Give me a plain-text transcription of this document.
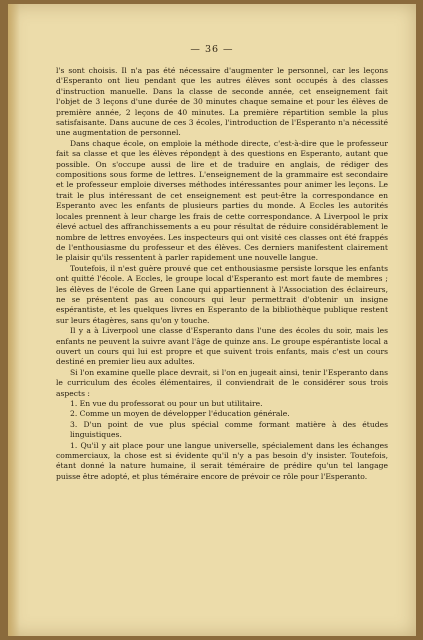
— 36 —

l's sont choisis. Il n'a pas été nécessaire d'augmenter le personnel, car les leçons d'Esperanto ont lieu pendant que les autres élèves sont occupés à des classes d'instruction manuelle. Dans la classe de seconde année, cet enseignement fait l'objet de 3 leçons d'une durée de 30 minutes chaque semaine et pour les élèves de première année, 2 leçons de 40 minutes. La première répartition semble la plus satisfaisante. Dans aucune de ces 3 écoles, l'introduction de l'Esperanto n'a nécessité une augmentation de personnel.

Dans chaque école, on emploie la méthode directe, c'est-à-dire que le professeur fait sa classe et que les élèves répondent à des questions en Esperanto, autant que possible. On s'occupe aussi de lire et de traduire en anglais, de rédiger des compositions sous forme de lettres. L'enseignement de la grammaire est secondaire et le professeur emploie diverses méthodes intéressantes pour animer les leçons. Le trait le plus intéressant de cet enseignement est peut-être la correspondance en Esperanto avec les enfants de plusieurs parties du monde. A Eccles les autorités locales prennent à leur charge les frais de cette correspondance. A Liverpool le prix élevé actuel des affranchissements a eu pour résultat de réduire considérablement le nombre de lettres envoyées. Les inspecteurs qui ont visité ces classes ont été frappés de l'enthousiasme du professeur et des élèves. Ces derniers manifestent clairement le plaisir qu'ils ressentent à parler rapidement une nouvelle langue.

Toutefois, il n'est guère prouvé que cet enthousiasme persiste lorsque les enfants ont quitté l'école. A Eccles, le groupe local d'Esperanto est mort faute de membres ; les élèves de l'école de Green Lane qui appartiennent à l'Association des éclaireurs, ne se présentent pas au concours qui leur permettrait d'obtenir un insigne espérantiste, et les quelques livres en Esperanto de la bibliothèque publique restent sur leurs étagères, sans qu'on y touche.

Il y a à Liverpool une classe d'Esperanto dans l'une des écoles du soir, mais les enfants ne peuvent la suivre avant l'âge de quinze ans. Le groupe espérantiste local a ouvert un cours qui lui est propre et que suivent trois enfants, mais c'est un cours destiné en premier lieu aux adultes.

Si l'on examine quelle place devrait, si l'on en jugeait ainsi, tenir l'Esperanto dans le curriculum des écoles élémentaires, il conviendrait de le considérer sous trois aspects :

1. En vue du professorat ou pour un but utilitaire.

2. Comme un moyen de développer l'éducation générale.

3. D'un point de vue plus spécial comme formant matière à des études linguistiques.

1. Qu'il y ait place pour une langue universelle, spécialement dans les échanges commerciaux, la chose est si évidente qu'il n'y a pas besoin d'y insister. Toutefois, étant donné la nature humaine, il serait téméraire de prédire qu'un tel langage puisse être adopté, et plus téméraire encore de prévoir ce rôle pour l'Esperanto.
